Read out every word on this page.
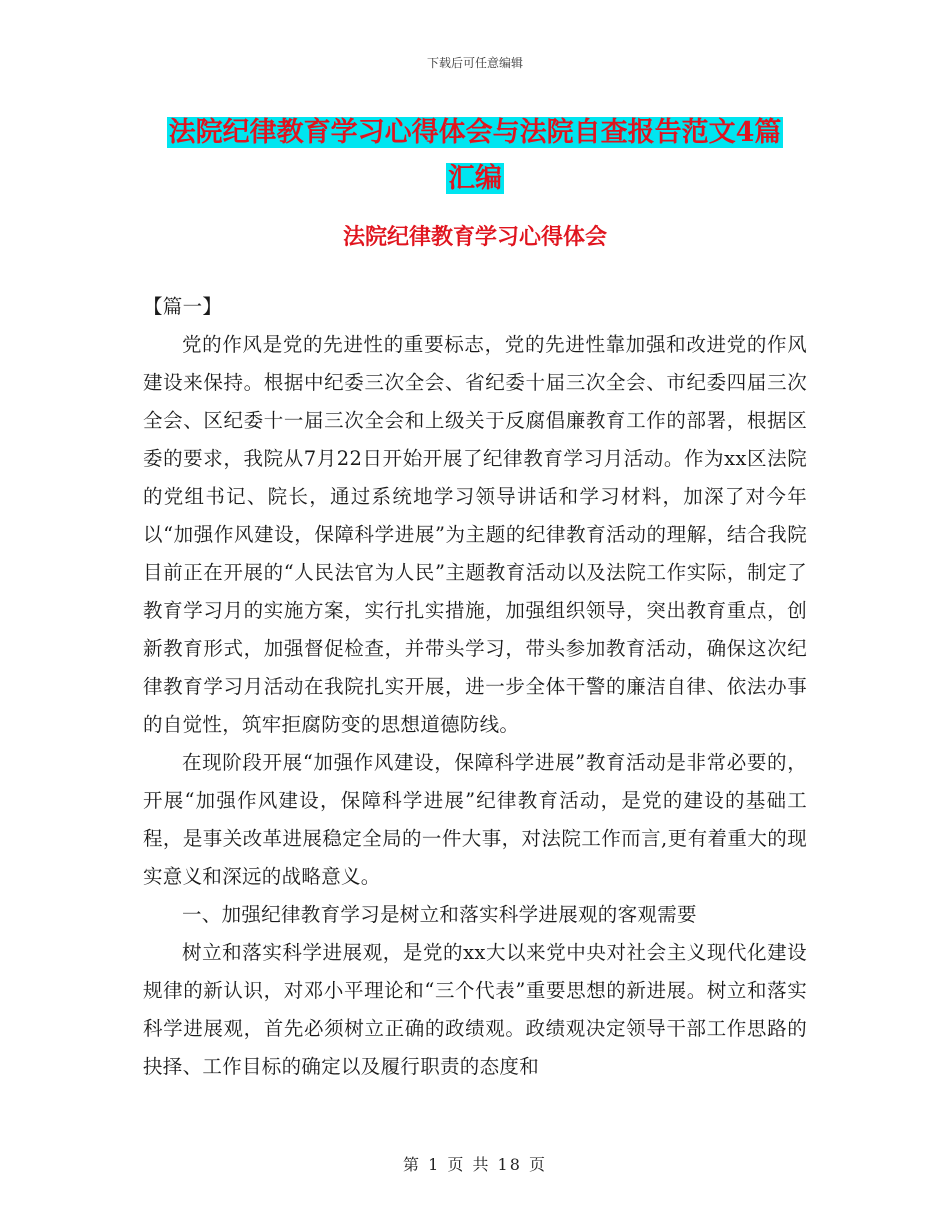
下载后可任意编辑
法院纪律教育学习心得体会与法院自查报告范文4篇
汇编
法院纪律教育学习心得体会

【篇一】

党的作风是党的先进性的重要标志，党的先进性靠加强和改进党的作风建设来保持。根据中纪委三次全会、省纪委十届三次全会、市纪委四届三次全会、区纪委十一届三次全会和上级关于反腐倡廉教育工作的部署，根据区委的要求，我院从7月22日开始开展了纪律教育学习月活动。作为xx区法院的党组书记、院长，通过系统地学习领导讲话和学习材料，加深了对今年以“加强作风建设，保障科学进展”为主题的纪律教育活动的理解，结合我院目前正在开展的“人民法官为人民”主题教育活动以及法院工作实际，制定了教育学习月的实施方案，实行扎实措施，加强组织领导，突出教育重点，创新教育形式，加强督促检查，并带头学习，带头参加教育活动，确保这次纪律教育学习月活动在我院扎实开展，进一步全体干警的廉洁自律、依法办事的自觉性，筑牢拒腐防变的思想道德防线。

在现阶段开展“加强作风建设，保障科学进展”教育活动是非常必要的，开展“加强作风建设，保障科学进展”纪律教育活动，是党的建设的基础工程，是事关改革进展稳定全局的一件大事，对法院工作而言,更有着重大的现实意义和深远的战略意义。

一、加强纪律教育学习是树立和落实科学进展观的客观需要

树立和落实科学进展观，是党的xx大以来党中央对社会主义现代化建设规律的新认识，对邓小平理论和“三个代表”重要思想的新进展。树立和落实科学进展观，首先必须树立正确的政绩观。政绩观决定领导干部工作思路的抉择、工作目标的确定以及履行职责的态度和

第 1 页 共 18 页
